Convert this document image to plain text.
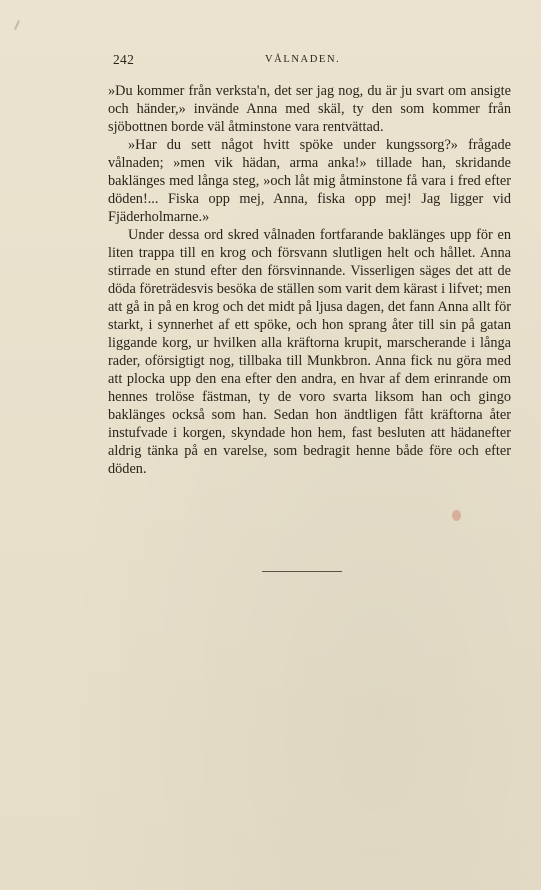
242	VÅLNADEN.

»Du kommer från verksta'n, det ser jag nog, du är ju svart om ansigte och händer,» invände Anna med skäl, ty den som kommer från sjöbottnen borde väl åtminstone vara rentvättad.

»Har du sett något hvitt spöke under kungssorg?» frågade vålnaden; »men vik hädan, arma anka!» tillade han, skridande baklänges med långa steg, »och låt mig åtminstone få vara i fred efter döden!... Fiska opp mej, Anna, fiska opp mej! Jag ligger vid Fjäderholmarne.»

Under dessa ord skred vålnaden fortfarande baklänges upp för en liten trappa till en krog och försvann slutligen helt och hållet. Anna stirrade en stund efter den försvinnande. Visserligen säges det att de döda företrädesvis besöka de ställen som varit dem kärast i lifvet; men att gå in på en krog och det midt på ljusa dagen, det fann Anna allt för starkt, i synnerhet af ett spöke, och hon sprang åter till sin på gatan liggande korg, ur hvilken alla kräftorna krupit, marscherande i långa rader, oförsigtigt nog, tillbaka till Munkbron. Anna fick nu göra med att plocka upp den ena efter den andra, en hvar af dem erinrande om hennes trolöse fästman, ty de voro svarta liksom han och gingo baklänges också som han. Sedan hon ändtligen fått kräftorna åter instufvade i korgen, skyndade hon hem, fast besluten att hädanefter aldrig tänka på en varelse, som bedragit henne både före och efter döden.
